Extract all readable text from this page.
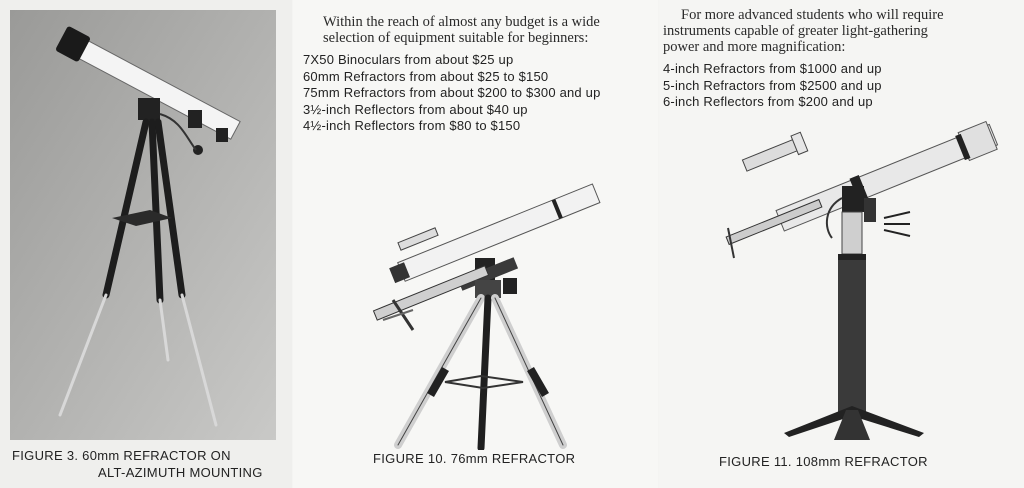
FIGURE 3. 60mm REFRACTOR ON
ALT-AZIMUTH MOUNTING
Within the reach of almost any budget is a wide
selection of equipment suitable for beginners:
7X50 Binoculars from about $25 up
60mm Refractors from about $25 to $150
75mm Refractors from about $200 to $300 and up
3½-inch Reflectors from about $40 up
4½-inch Reflectors from $80 to $150
FIGURE 10. 76mm REFRACTOR
For more advanced students who will require
instruments capable of greater light-gathering
power and more magnification:
4-inch Refractors from $1000 and up
5-inch Refractors from $2500 and up
6-inch Reflectors from $200 and up
FIGURE 11. 108mm REFRACTOR
